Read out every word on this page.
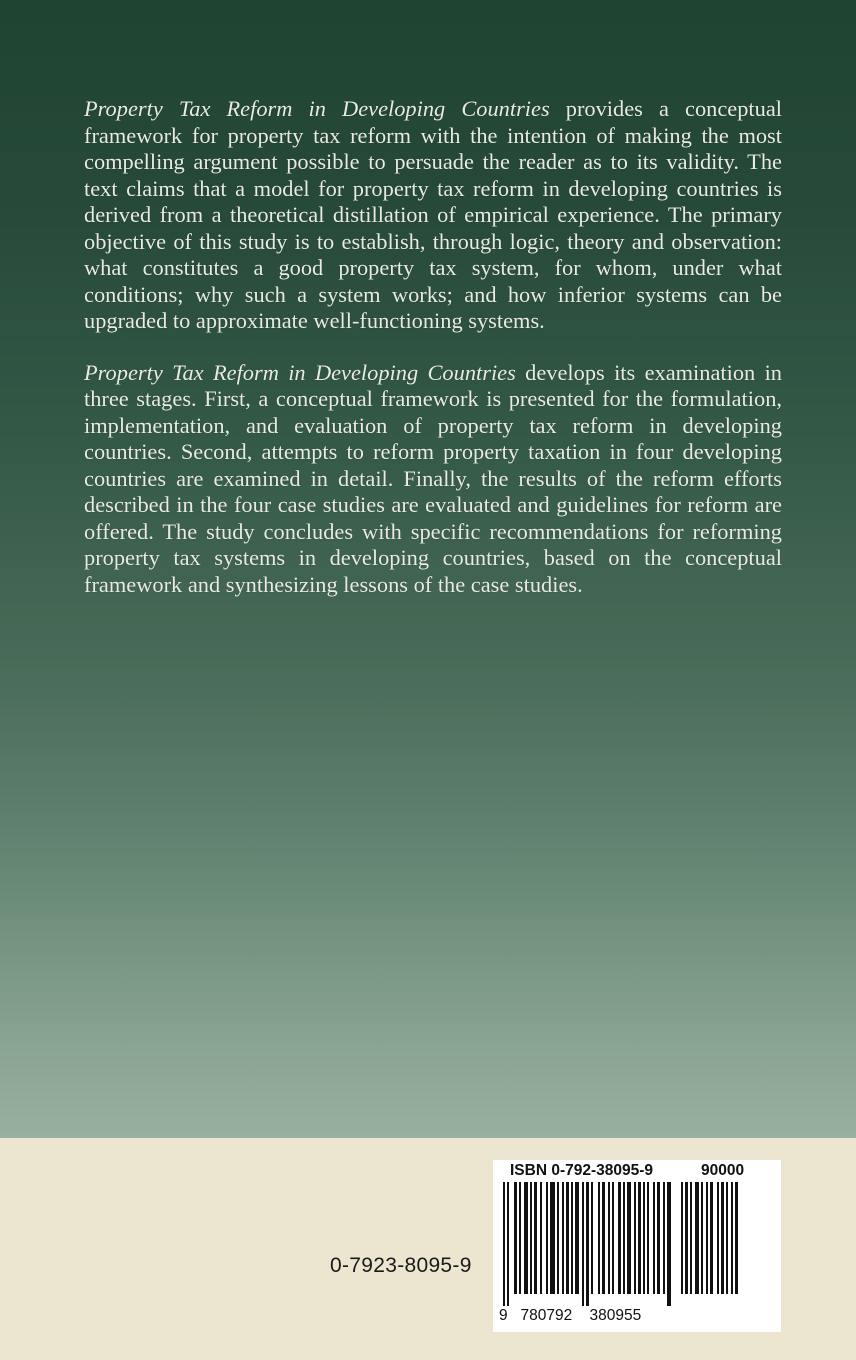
Property Tax Reform in Developing Countries provides a conceptual framework for property tax reform with the intention of making the most compelling argument possible to persuade the reader as to its validity. The text claims that a model for property tax reform in developing countries is derived from a theoretical distillation of empirical experience. The primary objective of this study is to establish, through logic, theory and observation: what constitutes a good property tax system, for whom, under what conditions; why such a system works; and how inferior systems can be upgraded to approximate well-functioning systems.

Property Tax Reform in Developing Countries develops its examination in three stages. First, a conceptual framework is presented for the formulation, implementation, and evaluation of property tax reform in developing countries. Second, attempts to reform property taxation in four developing countries are examined in detail. Finally, the results of the reform efforts described in the four case studies are evaluated and guidelines for reform are offered. The study concludes with specific recommendations for reforming property tax systems in developing countries, based on the conceptual framework and synthesizing lessons of the case studies.

0-7923-8095-9
ISBN 0-792-38095-9	90000
9 780792 380955
